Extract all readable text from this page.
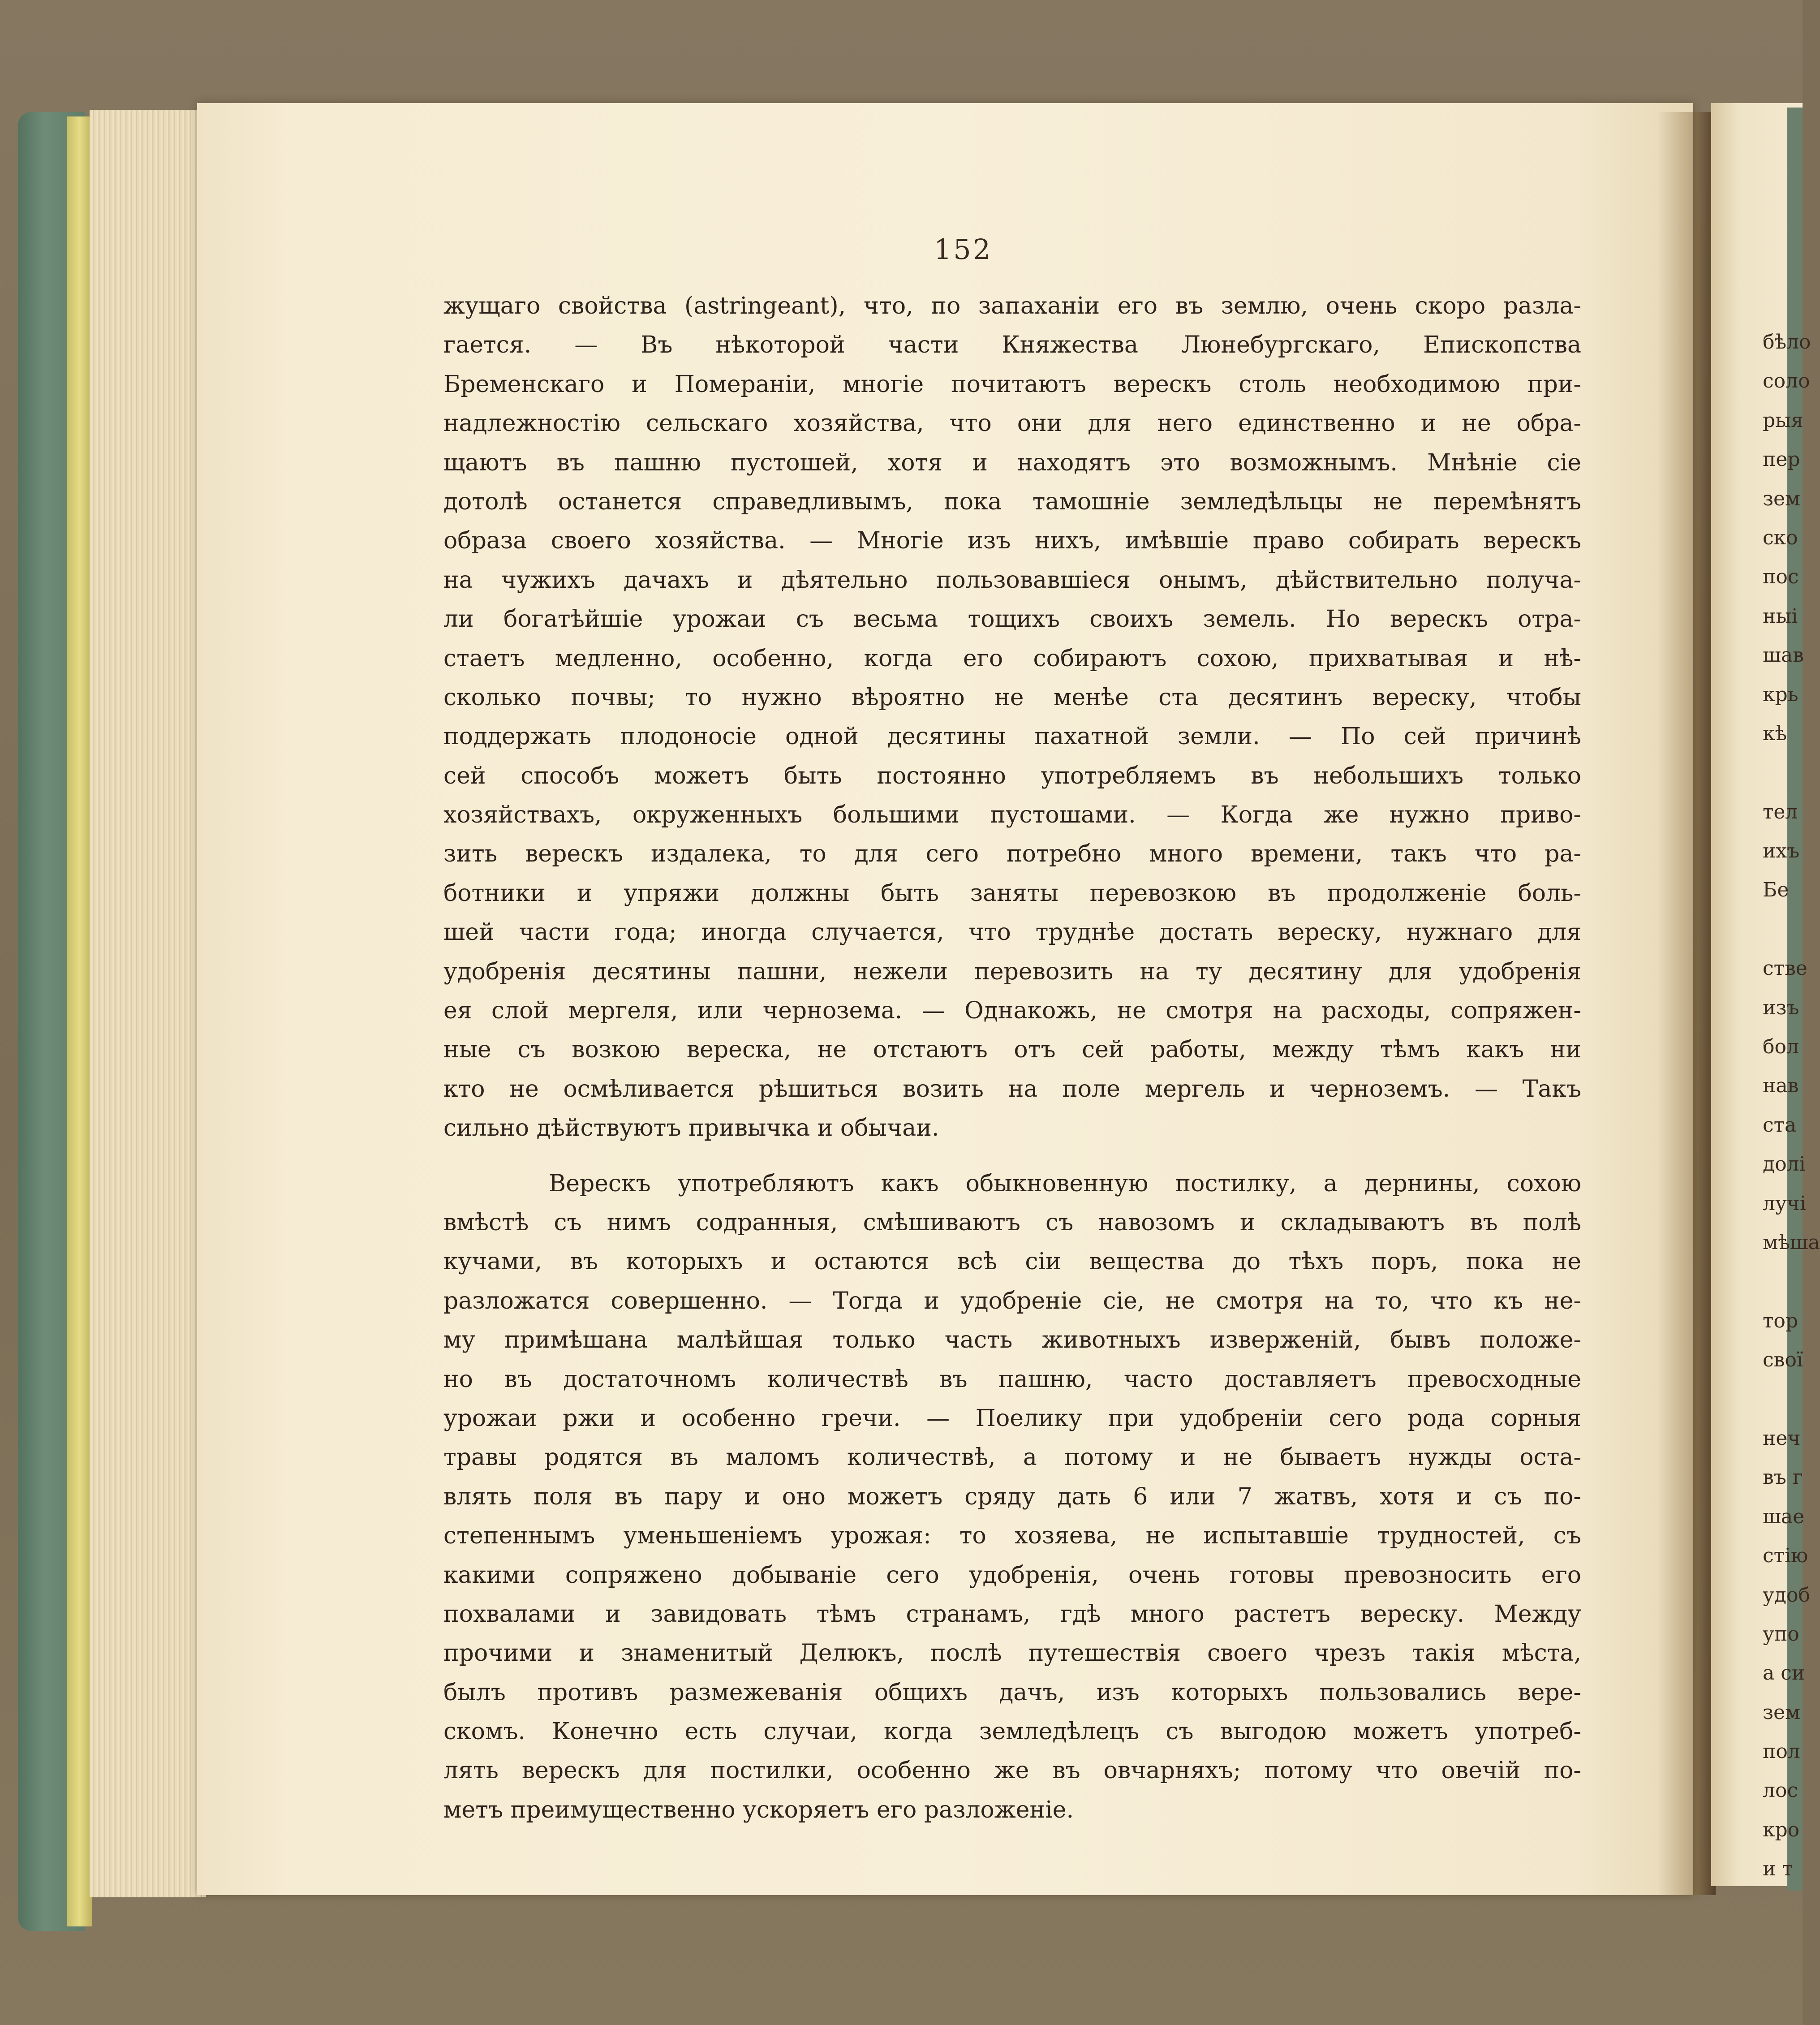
152
жущаго свойства (astringeant), что, по запаханіи его въ землю, очень скоро разла-
гается. — Въ нѣкоторой части Княжества Люнебургскаго, Епископства
Бременскаго и Помераніи, многіе почитаютъ верескъ столь необходимою при-
надлежностію сельскаго хозяйства, что они для него единственно и не обра-
щаютъ въ пашню пустошей, хотя и находятъ это возможнымъ. Мнѣніе сіе
дотолѣ останется справедливымъ, пока тамошніе земледѣльцы не перемѣнятъ
образа своего хозяйства. — Многіе изъ нихъ, имѣвшіе право собирать верескъ
на чужихъ дачахъ и дѣятельно пользовавшіеся онымъ, дѣйствительно получа-
ли богатѣйшіе урожаи съ весьма тощихъ своихъ земель. Но верескъ отра-
стаетъ медленно, особенно, когда его собираютъ сохою, прихватывая и нѣ-
сколько почвы; то нужно вѣроятно не менѣе ста десятинъ вереску, чтобы
поддержать плодоносіе одной десятины пахатной земли. — По сей причинѣ
сей способъ можетъ быть постоянно употребляемъ въ небольшихъ только
хозяйствахъ, окруженныхъ большими пустошами. — Когда же нужно приво-
зить верескъ издалека, то для сего потребно много времени, такъ что ра-
ботники и упряжи должны быть заняты перевозкою въ продолженіе боль-
шей части года; иногда случается, что труднѣе достать вереску, нужнаго для
удобренія десятины пашни, нежели перевозить на ту десятину для удобренія
ея слой мергеля, или чернозема. — Однакожь, не смотря на расходы, сопряжен-
ные съ возкою вереска, не отстаютъ отъ сей работы, между тѣмъ какъ ни
кто не осмѣливается рѣшиться возить на поле мергель и черноземъ. — Такъ
сильно дѣйствуютъ привычка и обычаи.
Верескъ употребляютъ какъ обыкновенную постилку, а дернины, сохою
вмѣстѣ съ нимъ содранныя, смѣшиваютъ съ навозомъ и складываютъ въ полѣ
кучами, въ которыхъ и остаются всѣ сіи вещества до тѣхъ поръ, пока не
разложатся совершенно. — Тогда и удобреніе сіе, не смотря на то, что къ не-
му примѣшана малѣйшая только часть животныхъ изверженій, бывъ положе-
но въ достаточномъ количествѣ въ пашню, часто доставляетъ превосходные
урожаи ржи и особенно гречи. — Поелику при удобреніи сего рода сорныя
травы родятся въ маломъ количествѣ, а потому и не бываетъ нужды оста-
влять поля въ пару и оно можетъ сряду дать 6 или 7 жатвъ, хотя и съ по-
степеннымъ уменьшеніемъ урожая: то хозяева, не испытавшіе трудностей, съ
какими сопряжено добываніе сего удобренія, очень готовы превозносить его
похвалами и завидовать тѣмъ странамъ, гдѣ много растетъ вереску. Между
прочими и знаменитый Делюкъ, послѣ путешествія своего чрезъ такія мѣста,
былъ противъ размежеванія общихъ дачъ, изъ которыхъ пользовались вере-
скомъ. Конечно есть случаи, когда земледѣлецъ съ выгодою можетъ употреб-
лять верескъ для постилки, особенно же въ овчарняхъ; потому что овечій по-
метъ преимущественно ускоряетъ его разложеніе.
бѣло
соло
рыя
пер
зем
ско
пос
ныі
шав
крь
кѣ
тел
ихъ
Бе
стве
изъ
бол
нав
ста
долі
лучі
мѣша
тор
свої
неч
въ г
шае
стію
удоб
упо
а си
зем
пол
лос
кро
и т
